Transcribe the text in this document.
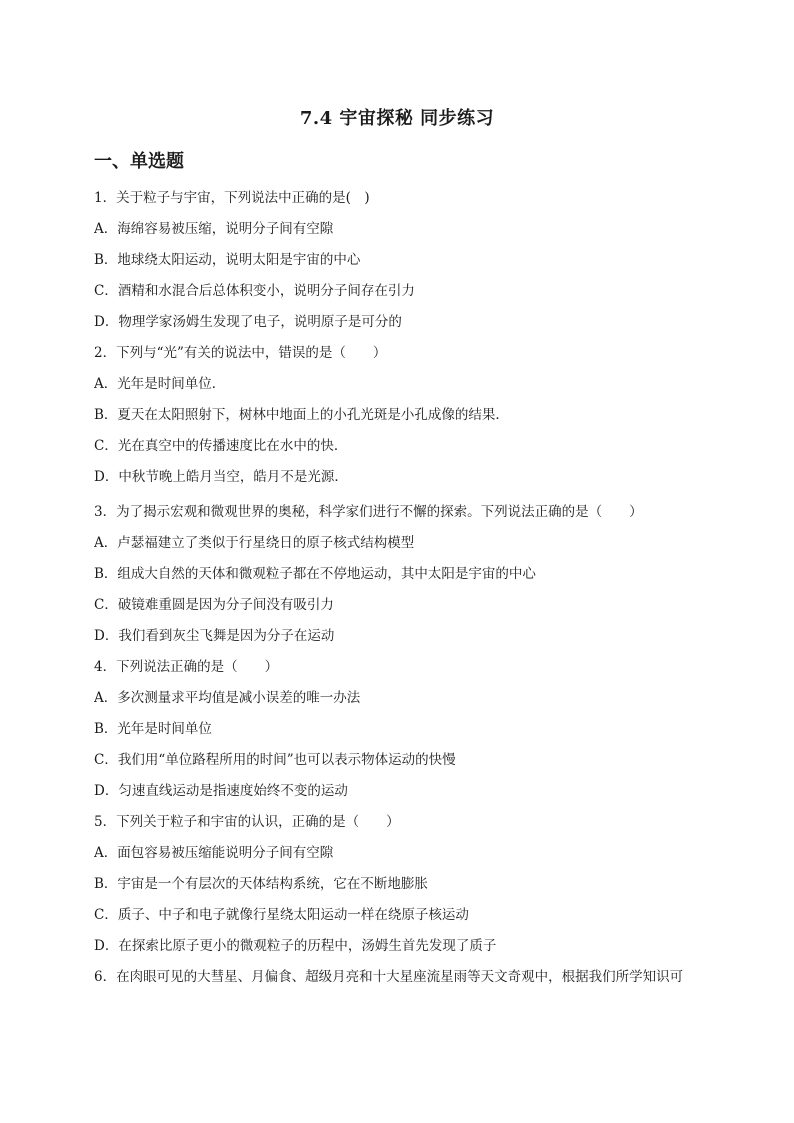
7.4 宇宙探秘 同步练习
一、单选题
1．关于粒子与宇宙，下列说法中正确的是(　)
A．海绵容易被压缩，说明分子间有空隙
B．地球绕太阳运动，说明太阳是宇宙的中心
C．酒精和水混合后总体积变小，说明分子间存在引力
D．物理学家汤姆生发现了电子，说明原子是可分的
2．下列与“光”有关的说法中，错误的是（　　）
A．光年是时间单位．
B．夏天在太阳照射下，树林中地面上的小孔光斑是小孔成像的结果．
C．光在真空中的传播速度比在水中的快．
D．中秋节晚上皓月当空，皓月不是光源．
3．为了揭示宏观和微观世界的奥秘，科学家们进行不懈的探索。下列说法正确的是（　　）
A．卢瑟福建立了类似于行星绕日的原子核式结构模型
B．组成大自然的天体和微观粒子都在不停地运动，其中太阳是宇宙的中心
C．破镜难重圆是因为分子间没有吸引力
D．我们看到灰尘飞舞是因为分子在运动
4．下列说法正确的是（　　）
A．多次测量求平均值是减小误差的唯一办法
B．光年是时间单位
C．我们用“单位路程所用的时间”也可以表示物体运动的快慢
D．匀速直线运动是指速度始终不变的运动
5．下列关于粒子和宇宙的认识，正确的是（　　）
A．面包容易被压缩能说明分子间有空隙
B．宇宙是一个有层次的天体结构系统，它在不断地膨胀
C．质子、中子和电子就像行星绕太阳运动一样在绕原子核运动
D．在探索比原子更小的微观粒子的历程中，汤姆生首先发现了质子
6．在肉眼可见的大彗星、月偏食、超级月亮和十大星座流星雨等天文奇观中，根据我们所学知识可
